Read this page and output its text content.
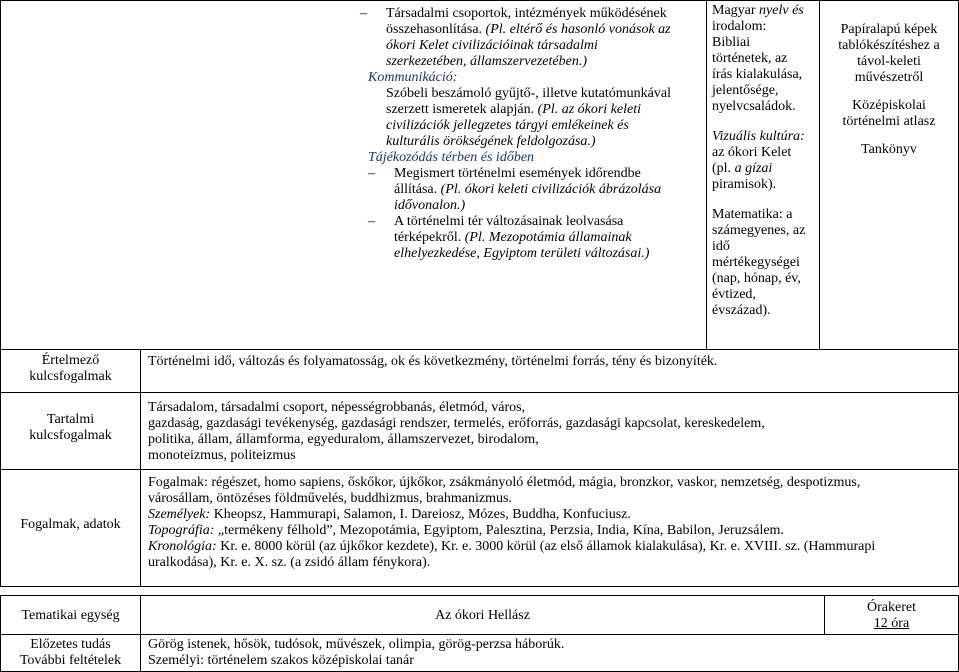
– Társadalmi csoportok, intézmények működésének

összehasonlítása. (Pl. eltérő és hasonló vonások az

ókori Kelet civilizációinak társadalmi

szerkezetében, államszervezetében.)

Kommunikáció:

Szóbeli beszámoló gyűjtő-, illetve kutatómunkával

szerzett ismeretek alapján. (Pl. az ókori keleti

civilizációk jellegzetes tárgyi emlékeinek és

kulturális örökségének feldolgozása.)

Tájékozódás térben és időben

– Megismert történelmi események időrendbe

állítása. (Pl. ókori keleti civilizációk ábrázolása

idővonalon.)

– A történelmi tér változásainak leolvasása

térképekről. (Pl. Mezopotámia államainak

elhelyezkedése, Egyiptom területi változásai.)

Magyar nyelv és

irodalom:

Bibliai

történetek, az

írás kialakulása,

jelentősége,

nyelvcsaládok.

Vizuális kultúra:

az ókori Kelet

(pl. a gízai

piramisok).

Matematika: a

számegyenes, az

idő

mértékegységei

(nap, hónap, év,

évtized,

évszázad).

Papíralapú képek

tablókészítéshez a

távol-keleti

művészetről

Középiskolai

történelmi atlasz

Tankönyv

Értelmező

kulcsfogalmak

Történelmi idő, változás és folyamatosság, ok és következmény, történelmi forrás, tény és bizonyíték.

Tartalmi

kulcsfogalmak

Társadalom, társadalmi csoport, népességrobbanás, életmód, város,

gazdaság, gazdasági tevékenység, gazdasági rendszer, termelés, erőforrás, gazdasági kapcsolat, kereskedelem,

politika, állam, államforma, egyeduralom, államszervezet, birodalom,

monoteizmus, politeizmus

Fogalmak, adatok

Fogalmak: régészet, homo sapiens, őskőkor, újkőkor, zsákmányoló életmód, mágia, bronzkor, vaskor, nemzetség, despotizmus,

városállam, öntözéses földművelés, buddhizmus, brahmanizmus.

Személyek: Kheopsz, Hammurapi, Salamon, I. Dareiosz, Mózes, Buddha, Konfuciusz.

Topográfia: „termékeny félhold”, Mezopotámia, Egyiptom, Palesztina, Perzsia, India, Kína, Babilon, Jeruzsálem.

Kronológia: Kr. e. 8000 körül (az újkőkor kezdete), Kr. e. 3000 körül (az első államok kialakulása), Kr. e. XVIII. sz. (Hammurapi

uralkodása), Kr. e. X. sz. (a zsidó állam fénykora).

Tematikai egység	Az ókori Hellász

Órakeret

12 óra

Előzetes tudás

További feltételek

Görög istenek, hősök, tudósok, művészek, olimpia, görög-perzsa háborúk.

Személyi: történelem szakos középiskolai tanár
